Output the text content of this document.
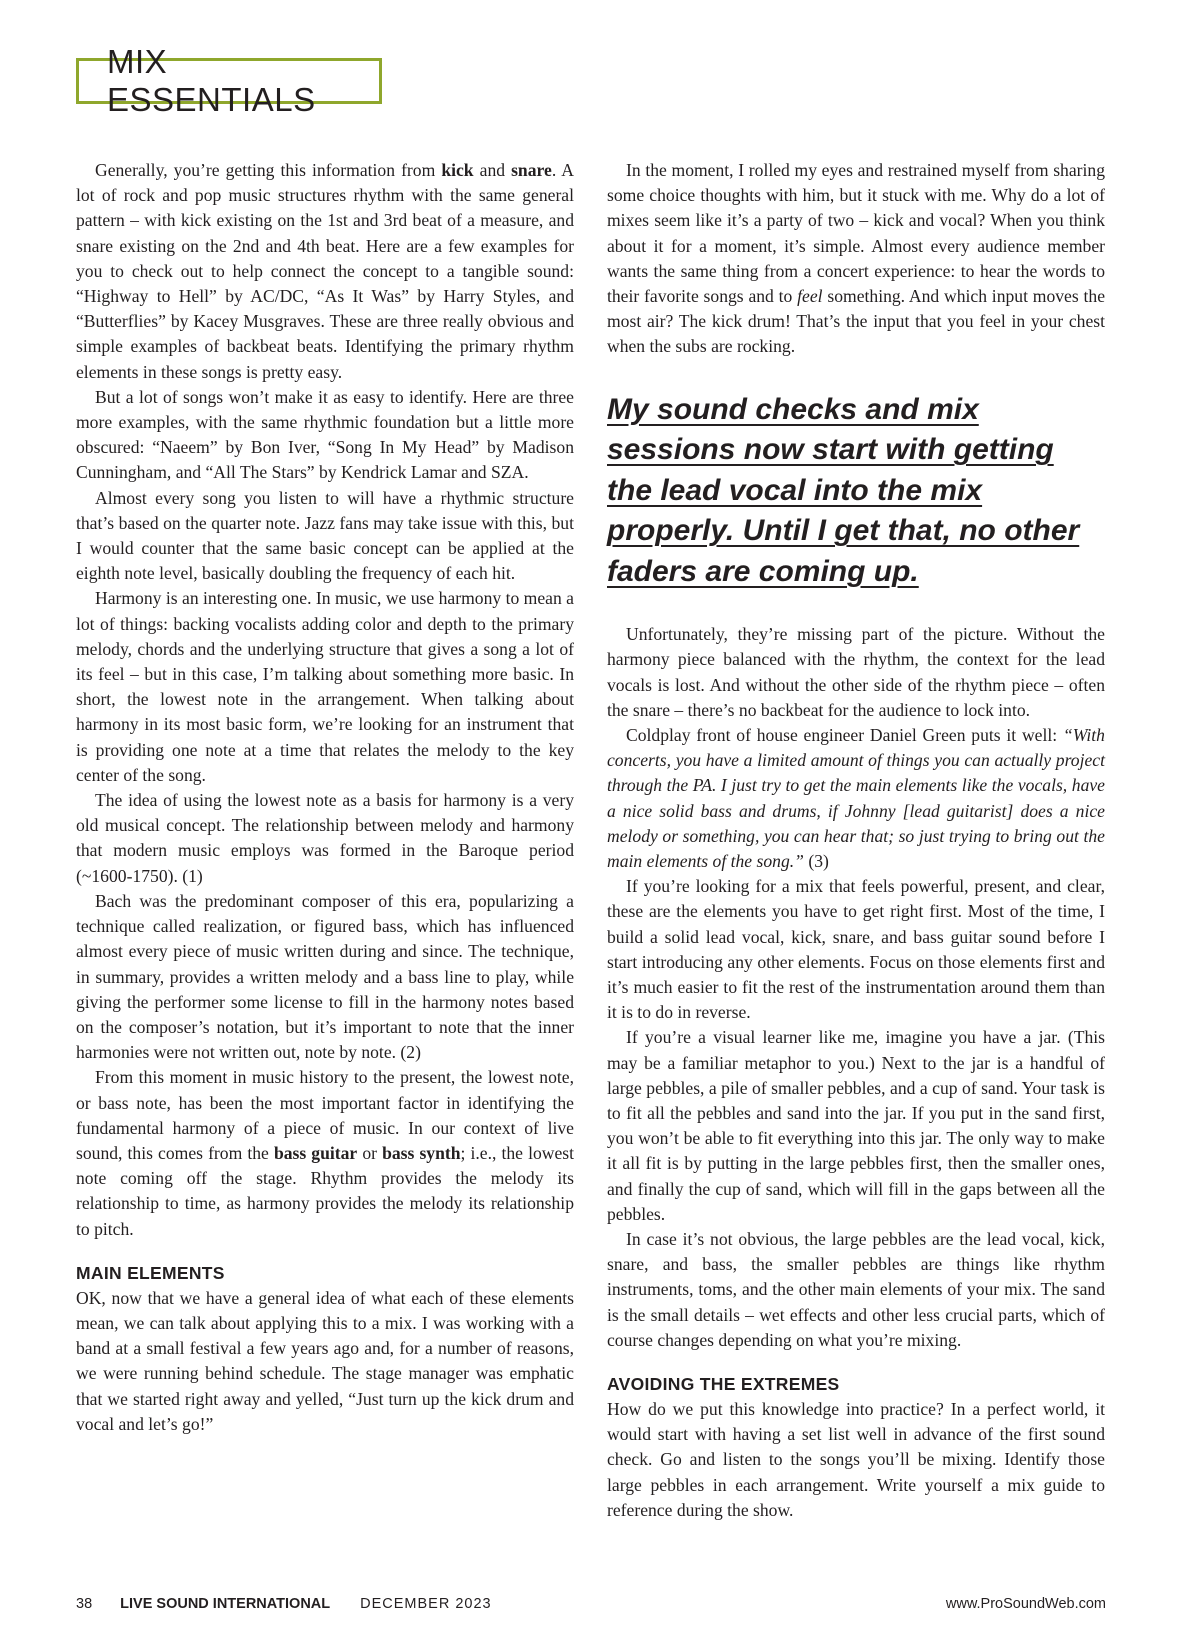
MIX ESSENTIALS

Generally, you’re getting this information from kick and snare. A lot of rock and pop music structures rhythm with the same general pattern – with kick existing on the 1st and 3rd beat of a measure, and snare existing on the 2nd and 4th beat. Here are a few examples for you to check out to help connect the concept to a tangible sound: “Highway to Hell” by AC/DC, “As It Was” by Harry Styles, and “Butterflies” by Kacey Musgraves. These are three really obvious and simple examples of backbeat beats. Identifying the primary rhythm elements in these songs is pretty easy.

But a lot of songs won’t make it as easy to identify. Here are three more examples, with the same rhythmic foundation but a little more obscured: “Naeem” by Bon Iver, “Song In My Head” by Madison Cunningham, and “All The Stars” by Kendrick Lamar and SZA.

Almost every song you listen to will have a rhythmic structure that’s based on the quarter note. Jazz fans may take issue with this, but I would counter that the same basic concept can be applied at the eighth note level, basically doubling the frequency of each hit.

Harmony is an interesting one. In music, we use harmony to mean a lot of things: backing vocalists adding color and depth to the primary melody, chords and the underlying structure that gives a song a lot of its feel – but in this case, I’m talking about something more basic. In short, the lowest note in the arrangement. When talking about harmony in its most basic form, we’re looking for an instrument that is providing one note at a time that relates the melody to the key center of the song.

The idea of using the lowest note as a basis for harmony is a very old musical concept. The relationship between melody and harmony that modern music employs was formed in the Baroque period (~1600-1750). (1)

Bach was the predominant composer of this era, popularizing a technique called realization, or figured bass, which has influenced almost every piece of music written during and since. The technique, in summary, provides a written melody and a bass line to play, while giving the performer some license to fill in the harmony notes based on the composer’s notation, but it’s important to note that the inner harmonies were not written out, note by note. (2)

From this moment in music history to the present, the lowest note, or bass note, has been the most important factor in identifying the fundamental harmony of a piece of music. In our context of live sound, this comes from the bass guitar or bass synth; i.e., the lowest note coming off the stage. Rhythm provides the melody its relationship to time, as harmony provides the melody its relationship to pitch.

MAIN ELEMENTS

OK, now that we have a general idea of what each of these elements mean, we can talk about applying this to a mix. I was working with a band at a small festival a few years ago and, for a number of reasons, we were running behind schedule. The stage manager was emphatic that we started right away and yelled, “Just turn up the kick drum and vocal and let’s go!”

In the moment, I rolled my eyes and restrained myself from sharing some choice thoughts with him, but it stuck with me. Why do a lot of mixes seem like it’s a party of two – kick and vocal? When you think about it for a moment, it’s simple. Almost every audience member wants the same thing from a concert experience: to hear the words to their favorite songs and to feel something. And which input moves the most air? The kick drum! That’s the input that you feel in your chest when the subs are rocking.

My sound checks and mix sessions now start with getting the lead vocal into the mix properly. Until I get that, no other faders are coming up.

Unfortunately, they’re missing part of the picture. Without the harmony piece balanced with the rhythm, the context for the lead vocals is lost. And without the other side of the rhythm piece – often the snare – there’s no backbeat for the audience to lock into.

Coldplay front of house engineer Daniel Green puts it well: “With concerts, you have a limited amount of things you can actually project through the PA. I just try to get the main elements like the vocals, have a nice solid bass and drums, if Johnny [lead guitarist] does a nice melody or something, you can hear that; so just trying to bring out the main elements of the song.” (3)

If you’re looking for a mix that feels powerful, present, and clear, these are the elements you have to get right first. Most of the time, I build a solid lead vocal, kick, snare, and bass guitar sound before I start introducing any other elements. Focus on those elements first and it’s much easier to fit the rest of the instrumentation around them than it is to do in reverse.

If you’re a visual learner like me, imagine you have a jar. (This may be a familiar metaphor to you.) Next to the jar is a handful of large pebbles, a pile of smaller pebbles, and a cup of sand. Your task is to fit all the pebbles and sand into the jar. If you put in the sand first, you won’t be able to fit everything into this jar. The only way to make it all fit is by putting in the large pebbles first, then the smaller ones, and finally the cup of sand, which will fill in the gaps between all the pebbles.

In case it’s not obvious, the large pebbles are the lead vocal, kick, snare, and bass, the smaller pebbles are things like rhythm instruments, toms, and the other main elements of your mix. The sand is the small details – wet effects and other less crucial parts, which of course changes depending on what you’re mixing.

AVOIDING THE EXTREMES

How do we put this knowledge into practice? In a perfect world, it would start with having a set list well in advance of the first sound check. Go and listen to the songs you’ll be mixing. Identify those large pebbles in each arrangement. Write yourself a mix guide to reference during the show.

38 LIVE SOUND INTERNATIONAL DECEMBER 2023	www.ProSoundWeb.com
